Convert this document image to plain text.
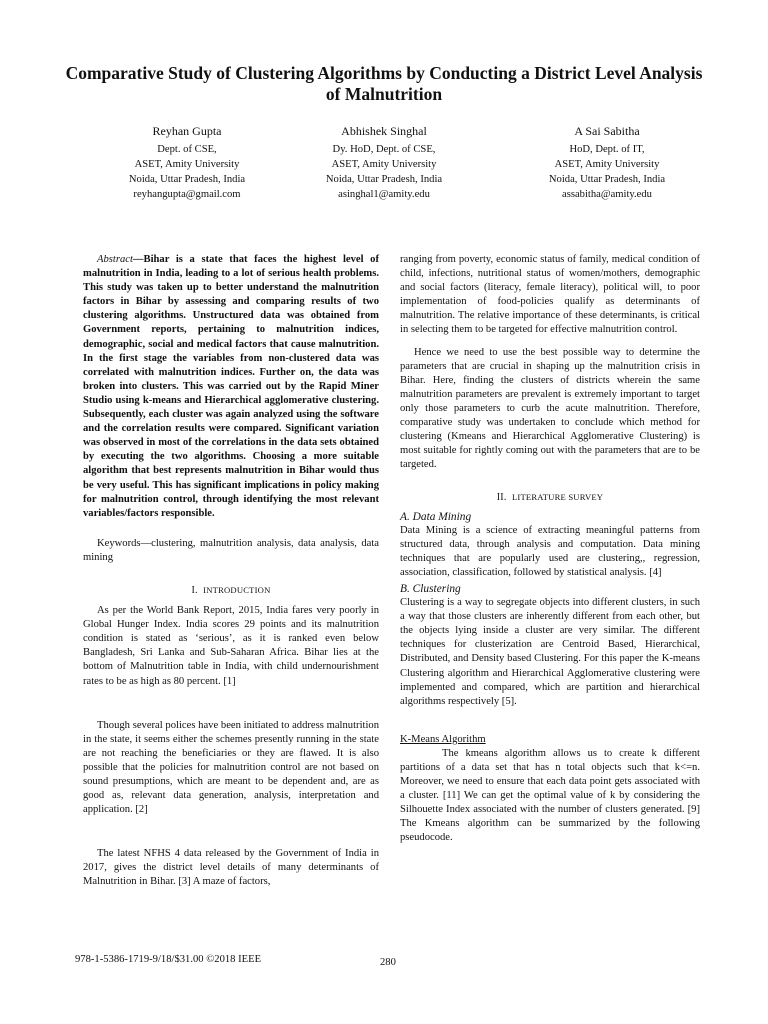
Comparative Study of Clustering Algorithms by Conducting a District Level Analysis of Malnutrition
Reyhan Gupta
Dept. of CSE,
ASET, Amity University
Noida, Uttar Pradesh, India
reyhangupta@gmail.com
Abhishek Singhal
Dy. HoD, Dept. of CSE,
ASET, Amity University
Noida, Uttar Pradesh, India
asinghal1@amity.edu
A Sai Sabitha
HoD, Dept. of IT,
ASET, Amity University
Noida, Uttar Pradesh, India
assabitha@amity.edu

Abstract—Bihar is a state that faces the highest level of malnutrition in India, leading to a lot of serious health problems. This study was taken up to better understand the malnutrition factors in Bihar by assessing and comparing results of two clustering algorithms. Unstructured data was obtained from Government reports, pertaining to malnutrition indices, demographic, social and medical factors that cause malnutrition. In the first stage the variables from non-clustered data was correlated with malnutrition indices. Further on, the data was broken into clusters. This was carried out by the Rapid Miner Studio using k-means and Hierarchical agglomerative clustering. Subsequently, each cluster was again analyzed using the software and the correlation results were compared. Significant variation was observed in most of the correlations in the data sets obtained by executing the two algorithms. Choosing a more suitable algorithm that best represents malnutrition in Bihar would thus be very useful. This has significant implications in policy making for malnutrition control, through identifying the most relevant variables/factors responsible.

Keywords—clustering, malnutrition analysis, data analysis, data mining

I. INTRODUCTION

As per the World Bank Report, 2015, India fares very poorly in Global Hunger Index. India scores 29 points and its malnutrition condition is stated as ‘serious’, as it is ranked even below Bangladesh, Sri Lanka and Sub-Saharan Africa. Bihar lies at the bottom of Malnutrition table in India, with child undernourishment rates to be as high as 80 percent. [1]

Though several polices have been initiated to address malnutrition in the state, it seems either the schemes presently running in the state are not reaching the beneficiaries or they are flawed. It is also possible that the policies for malnutrition control are not based on sound presumptions, which are meant to be dependent and, are as good as, relevant data generation, analysis, interpretation and application. [2]

The latest NFHS 4 data released by the Government of India in 2017, gives the district level details of many determinants of Malnutrition in Bihar. [3] A maze of factors,

ranging from poverty, economic status of family, medical condition of child, infections, nutritional status of women/mothers, demographic and social factors (literacy, female literacy), political will, to poor implementation of food-policies qualify as determinants of malnutrition. The relative importance of these determinants, is critical in selecting them to be targeted for effective malnutrition control.

Hence we need to use the best possible way to determine the parameters that are crucial in shaping up the malnutrition crisis in Bihar. Here, finding the clusters of districts wherein the same malnutrition parameters are prevalent is extremely important to target only those parameters to curb the acute malnutrition. Therefore, comparative study was undertaken to conclude which method for clustering (Kmeans and Hierarchical Agglomerative Clustering) is most suitable for rightly coming out with the parameters that are to be targeted.

II. LITERATURE SURVEY

A. Data Mining

Data Mining is a science of extracting meaningful patterns from structured data, through analysis and computation. Data mining techniques that are popularly used are clustering,, regression, association, classification, followed by statistical analysis. [4]

B. Clustering

Clustering is a way to segregate objects into different clusters, in such a way that those clusters are inherently different from each other, but the objects lying inside a cluster are very similar. The different techniques for clusterization are Centroid Based, Hierarchical, Distributed, and Density based Clustering. For this paper the K-means Clustering algorithm and Hierarchical Agglomerative clustering were implemented and compared, which are partition and hierarchical algorithms respectively [5].

K-Means Algorithm

The kmeans algorithm allows us to create k different partitions of a data set that has n total objects such that k<=n. Moreover, we need to ensure that each data point gets associated with a cluster. [11] We can get the optimal value of k by considering the Silhouette Index associated with the number of clusters generated. [9] The Kmeans algorithm can be summarized by the following pseudocode.

978-1-5386-1719-9/18/$31.00 ©2018 IEEE	280
